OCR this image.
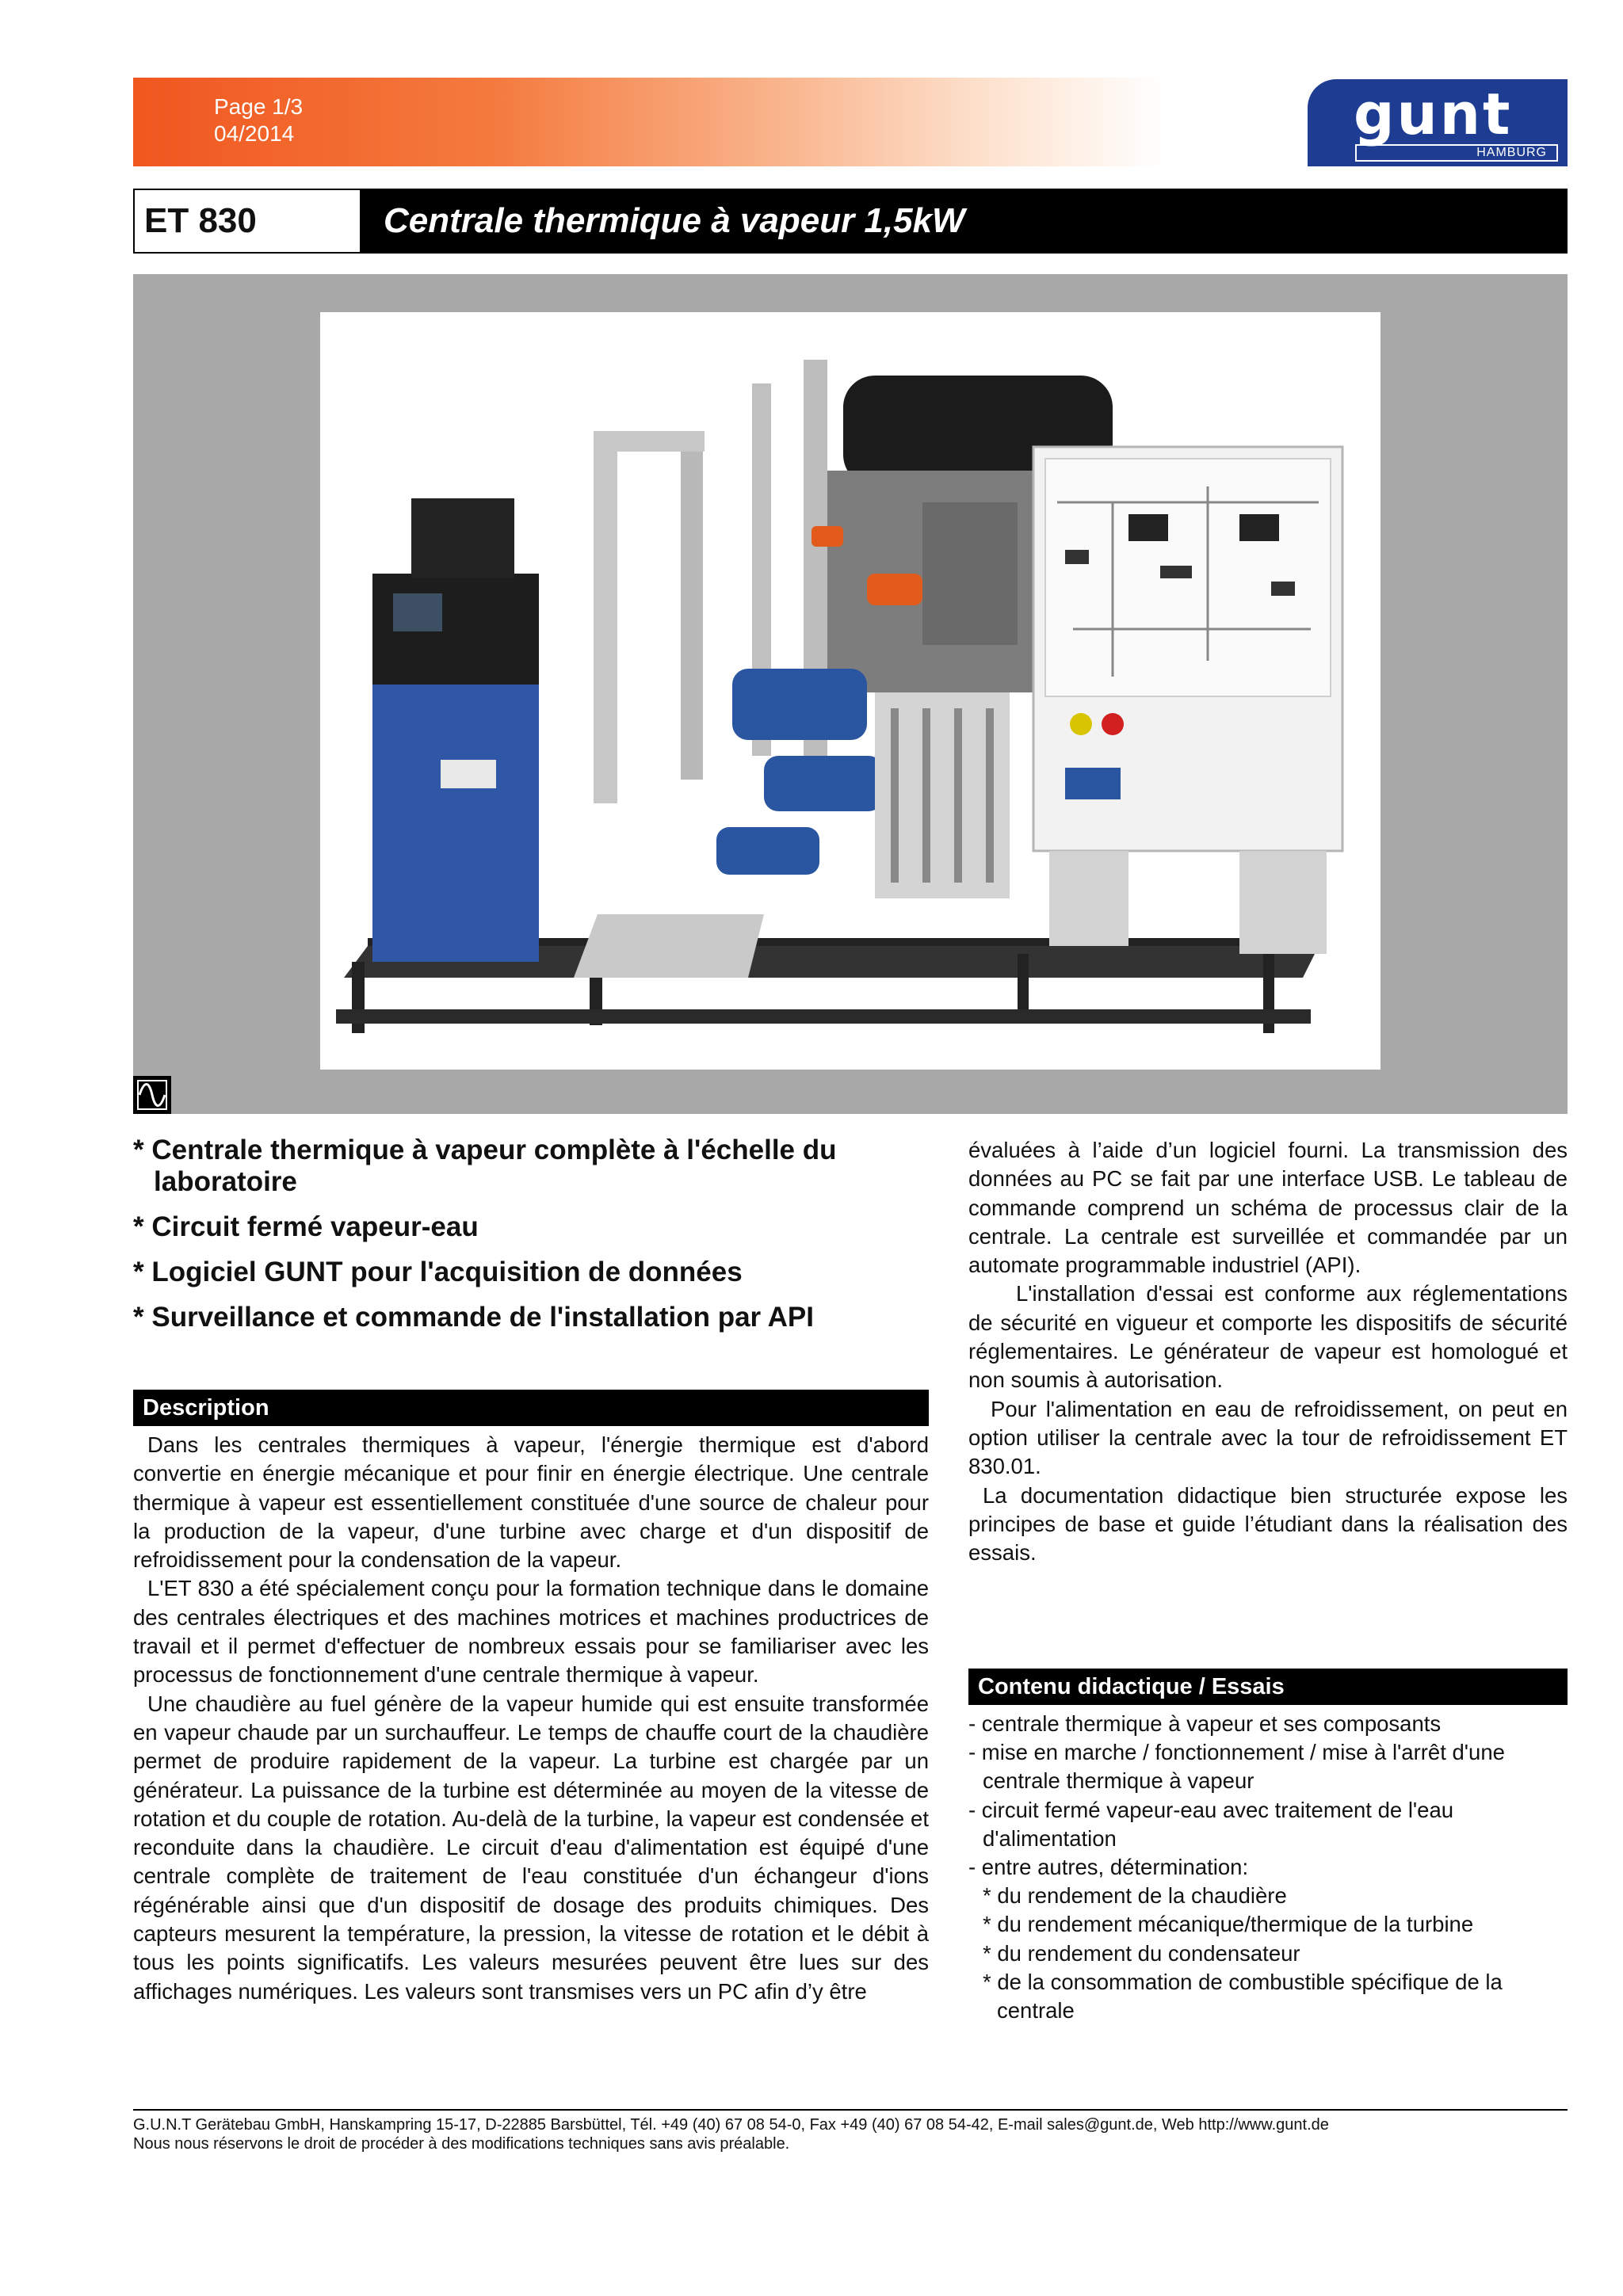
Page 1/3
04/2014	gunt
HAMBURG
ET 830	Centrale thermique à vapeur 1,5kW
* Centrale thermique à vapeur complète à l'échelle du laboratoire
* Circuit fermé vapeur-eau
* Logiciel GUNT pour l'acquisition de données
* Surveillance et commande de l'installation par API
Description

Dans les centrales thermiques à vapeur, l'énergie thermique est d'abord convertie en énergie mécanique et pour finir en énergie électrique. Une centrale thermique à vapeur est essentiellement constituée d'une source de chaleur pour la production de la vapeur, d'une turbine avec charge et d'un dispositif de refroidissement pour la condensation de la vapeur.

L'ET 830 a été spécialement conçu pour la formation technique dans le domaine des centrales électriques et des machines motrices et machines productrices de travail et il permet d'effectuer de nombreux essais pour se familiariser avec les processus de fonctionnement d'une centrale thermique à vapeur.

Une chaudière au fuel génère de la vapeur humide qui est ensuite transformée en vapeur chaude par un surchauffeur. Le temps de chauffe court de la chaudière permet de produire rapidement de la vapeur. La turbine est chargée par un générateur. La puissance de la turbine est déterminée au moyen de la vitesse de rotation et du couple de rotation. Au-delà de la turbine, la vapeur est condensée et reconduite dans la chaudière. Le circuit d'eau d'alimentation est équipé d'une centrale complète de traitement de l'eau constituée d'un échangeur d'ions régénérable ainsi que d'un dispositif de dosage des produits chimiques. Des capteurs mesurent la température, la pression, la vitesse de rotation et le débit à tous les points significatifs. Les valeurs mesurées peuvent être lues sur des affichages numériques. Les valeurs sont transmises vers un PC afin d’y être

évaluées à l’aide d’un logiciel fourni. La transmission des données au PC se fait par une interface USB. Le tableau de commande comprend un schéma de processus clair de la centrale. La centrale est surveillée et commandée par un automate programmable industriel (API).

L'installation d'essai est conforme aux réglementations de sécurité en vigueur et comporte les dispositifs de sécurité réglementaires. Le générateur de vapeur est homologué et non soumis à autorisation.

Pour l'alimentation en eau de refroidissement, on peut en option utiliser la centrale avec la tour de refroidissement ET 830.01.

La documentation didactique bien structurée expose les principes de base et guide l’étudiant dans la réalisation des essais.

Contenu didactique / Essais
- centrale thermique à vapeur et ses composants
- mise en marche / fonctionnement / mise à l'arrêt d'une centrale thermique à vapeur
- circuit fermé vapeur-eau avec traitement de l'eau d'alimentation
- entre autres, détermination:
* du rendement de la chaudière
* du rendement mécanique/thermique de la turbine
* du rendement du condensateur
* de la consommation de combustible spécifique de la centrale
G.U.N.T Gerätebau GmbH, Hanskampring 15-17, D-22885 Barsbüttel, Tél. +49 (40) 67 08 54-0, Fax +49 (40) 67 08 54-42, E-mail sales@gunt.de, Web http://www.gunt.de
Nous nous réservons le droit de procéder à des modifications techniques sans avis préalable.
